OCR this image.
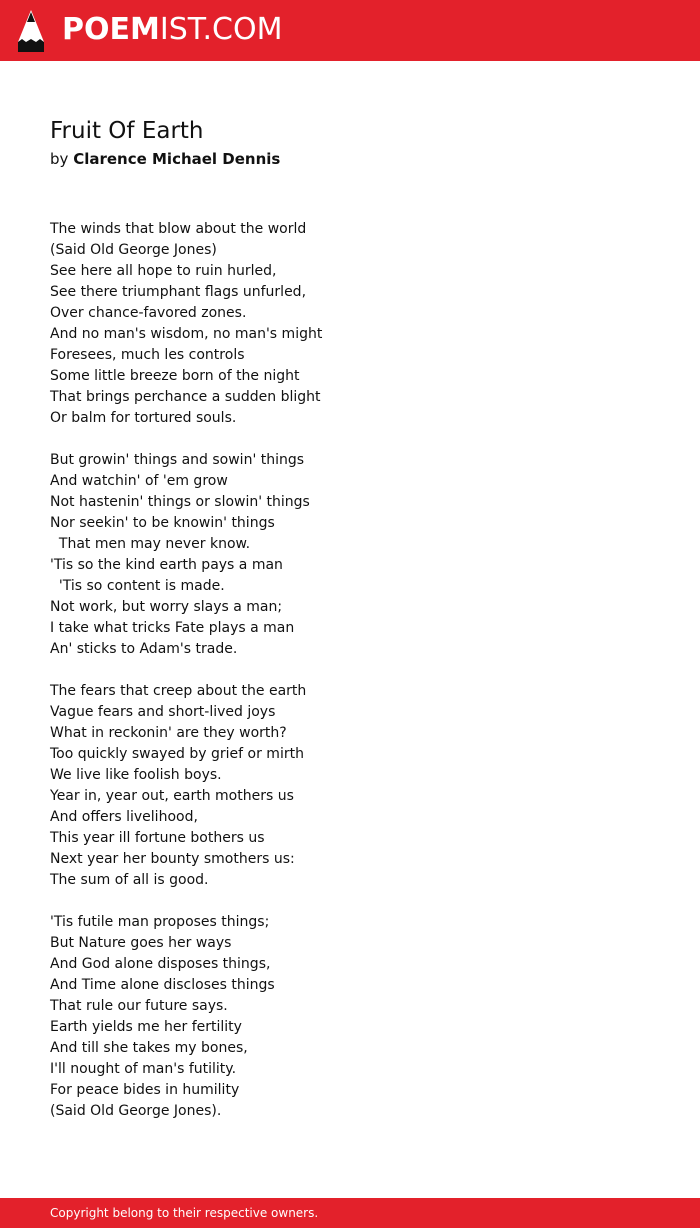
POEMIST.COM
Fruit Of Earth
by Clarence Michael Dennis
The winds that blow about the world
(Said Old George Jones)
See here all hope to ruin hurled,
See there triumphant flags unfurled,
Over chance-favored zones.
And no man's wisdom, no man's might
Foresees, much les controls
Some little breeze born of the night
That brings perchance a sudden blight
Or balm for tortured souls.
But growin' things and sowin' things
And watchin' of 'em grow
Not hastenin' things or slowin' things
Nor seekin' to be knowin' things
That men may never know.
'Tis so the kind earth pays a man
'Tis so content is made.
Not work, but worry slays a man;
I take what tricks Fate plays a man
An' sticks to Adam's trade.
The fears that creep about the earth
Vague fears and short-lived joys
What in reckonin' are they worth?
Too quickly swayed by grief or mirth
We live like foolish boys.
Year in, year out, earth mothers us
And offers livelihood,
This year ill fortune bothers us
Next year her bounty smothers us:
The sum of all is good.
'Tis futile man proposes things;
But Nature goes her ways
And God alone disposes things,
And Time alone discloses things
That rule our future says.
Earth yields me her fertility
And till she takes my bones,
I'll nought of man's futility.
For peace bides in humility
(Said Old George Jones).
Copyright belong to their respective owners.
